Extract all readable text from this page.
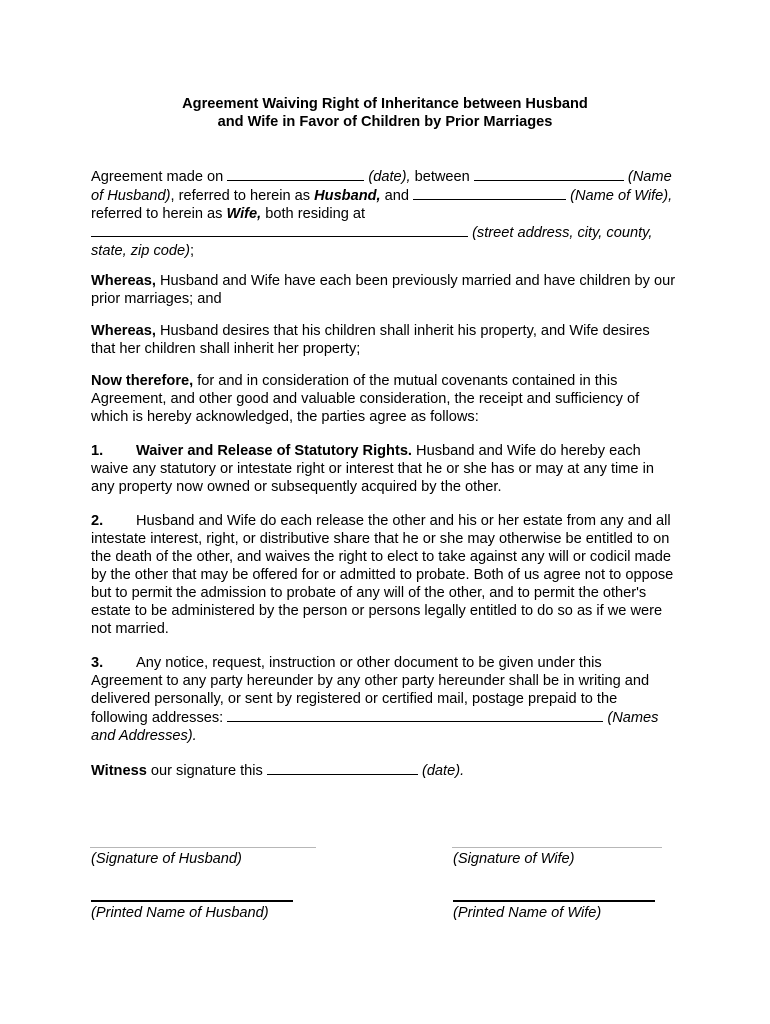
Agreement Waiving Right of Inheritance between Husband
and Wife in Favor of Children by Prior Marriages

Agreement made on	(date), between	(Name of Husband), referred to herein as Husband, and	(Name of Wife), referred to herein as Wife, both residing at
(street address, city, county, state, zip code);

Whereas, Husband and Wife have each been previously married and have children by our prior marriages; and

Whereas, Husband desires that his children shall inherit his property, and Wife desires that her children shall inherit her property;

Now therefore, for and in consideration of the mutual covenants contained in this Agreement, and other good and valuable consideration, the receipt and sufficiency of which is hereby acknowledged, the parties agree as follows:

1. Waiver and Release of Statutory Rights. Husband and Wife do hereby each waive any statutory or intestate right or interest that he or she has or may at any time in any property now owned or subsequently acquired by the other.

2. Husband and Wife do each release the other and his or her estate from any and all intestate interest, right, or distributive share that he or she may otherwise be entitled to on the death of the other, and waives the right to elect to take against any will or codicil made by the other that may be offered for or admitted to probate. Both of us agree not to oppose but to permit the admission to probate of any will of the other, and to permit the other's estate to be administered by the person or persons legally entitled to do so as if we were not married.

3. Any notice, request, instruction or other document to be given under this Agreement to any party hereunder by any other party hereunder shall be in writing and delivered personally, or sent by registered or certified mail, postage prepaid to the following addresses:	(Names and Addresses).

Witness our signature this	(date).

(Signature of Husband)	(Signature of Wife)
(Printed Name of Husband)	(Printed Name of Wife)
